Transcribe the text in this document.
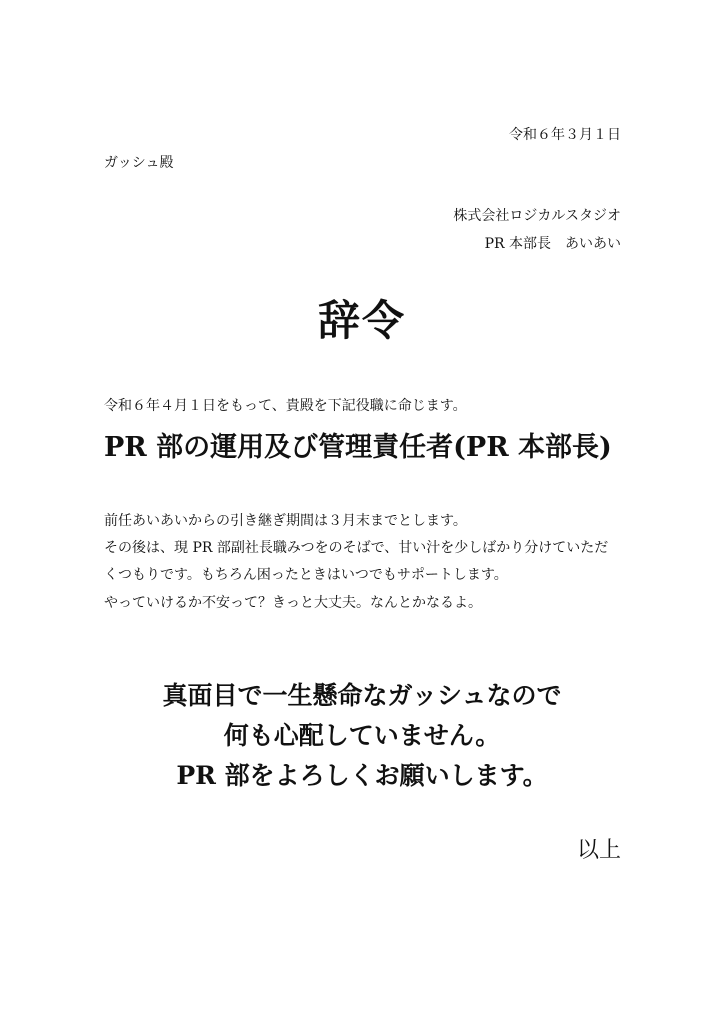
令和６年３月１日
ガッシュ殿
株式会社ロジカルスタジオ
PR 本部長　あいあい
辞令
令和６年４月１日をもって、貴殿を下記役職に命じます。
PR 部の運用及び管理責任者(PR 本部長)
前任あいあいからの引き継ぎ期間は３月末までとします。
その後は、現 PR 部副社長職みつをのそばで、甘い汁を少しばかり分けていただ
くつもりです。もちろん困ったときはいつでもサポートします。
やっていけるか不安って？きっと大丈夫。なんとかなるよ。
真面目で一生懸命なガッシュなので
何も心配していません。
PR 部をよろしくお願いします。
以上
